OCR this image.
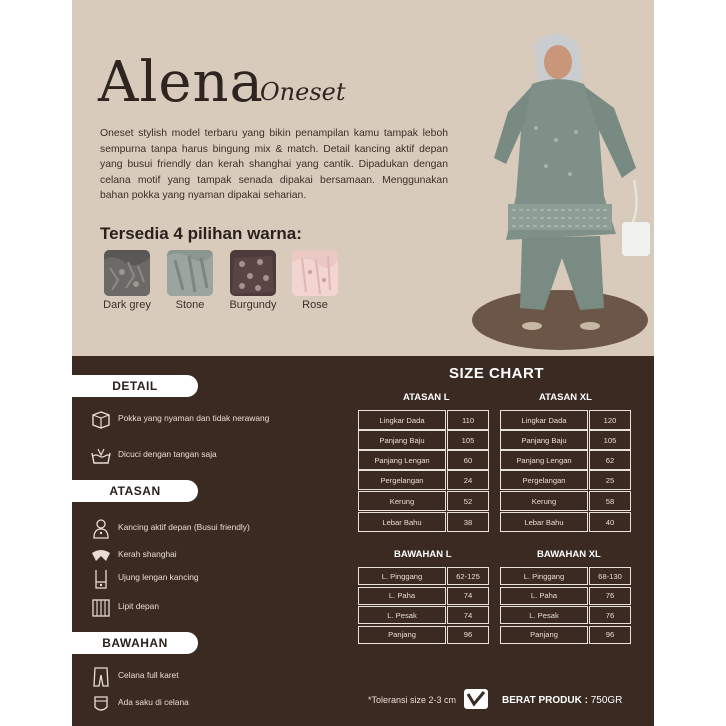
Alena
Oneset
Oneset stylish model terbaru yang bikin penampilan kamu tampak leboh sempurna tanpa harus bingung mix & match. Detail kancing aktif depan yang busui friendly dan kerah shanghai yang cantik. Dipadukan dengan celana motif yang tampak senada dipakai bersamaan. Menggunakan bahan pokka yang nyaman dipakai seharian.
Tersedia 4 pilihan warna:
Dark grey	Stone	Burgundy	Rose
DETAIL
Pokka yang nyaman dan tidak nerawang
Dicuci dengan tangan saja
ATASAN
Kancing aktif depan (Busui friendly)
Kerah shanghai
Ujung lengan kancing
Lipit depan
BAWAHAN
Celana full karet
Ada saku di celana
SIZE CHART
ATASAN L	ATASAN XL
BAWAHAN L	BAWAHAN XL
Lingkar Dada	110
Panjang Baju	105
Panjang Lengan	60
Pergelangan	24
Kerung	52
Lebar Bahu	38
Lingkar Dada	120
Panjang Baju	105
Panjang Lengan	62
Pergelangan	25
Kerung	58
Lebar Bahu	40
L. Pinggang	62-125
L. Paha	74
L. Pesak	74
Panjang	96
L. Pinggang	68-130
L. Paha	76
L. Pesak	76
Panjang	96
*Toleransi size 2-3 cm	BERAT PRODUK : 750GR
